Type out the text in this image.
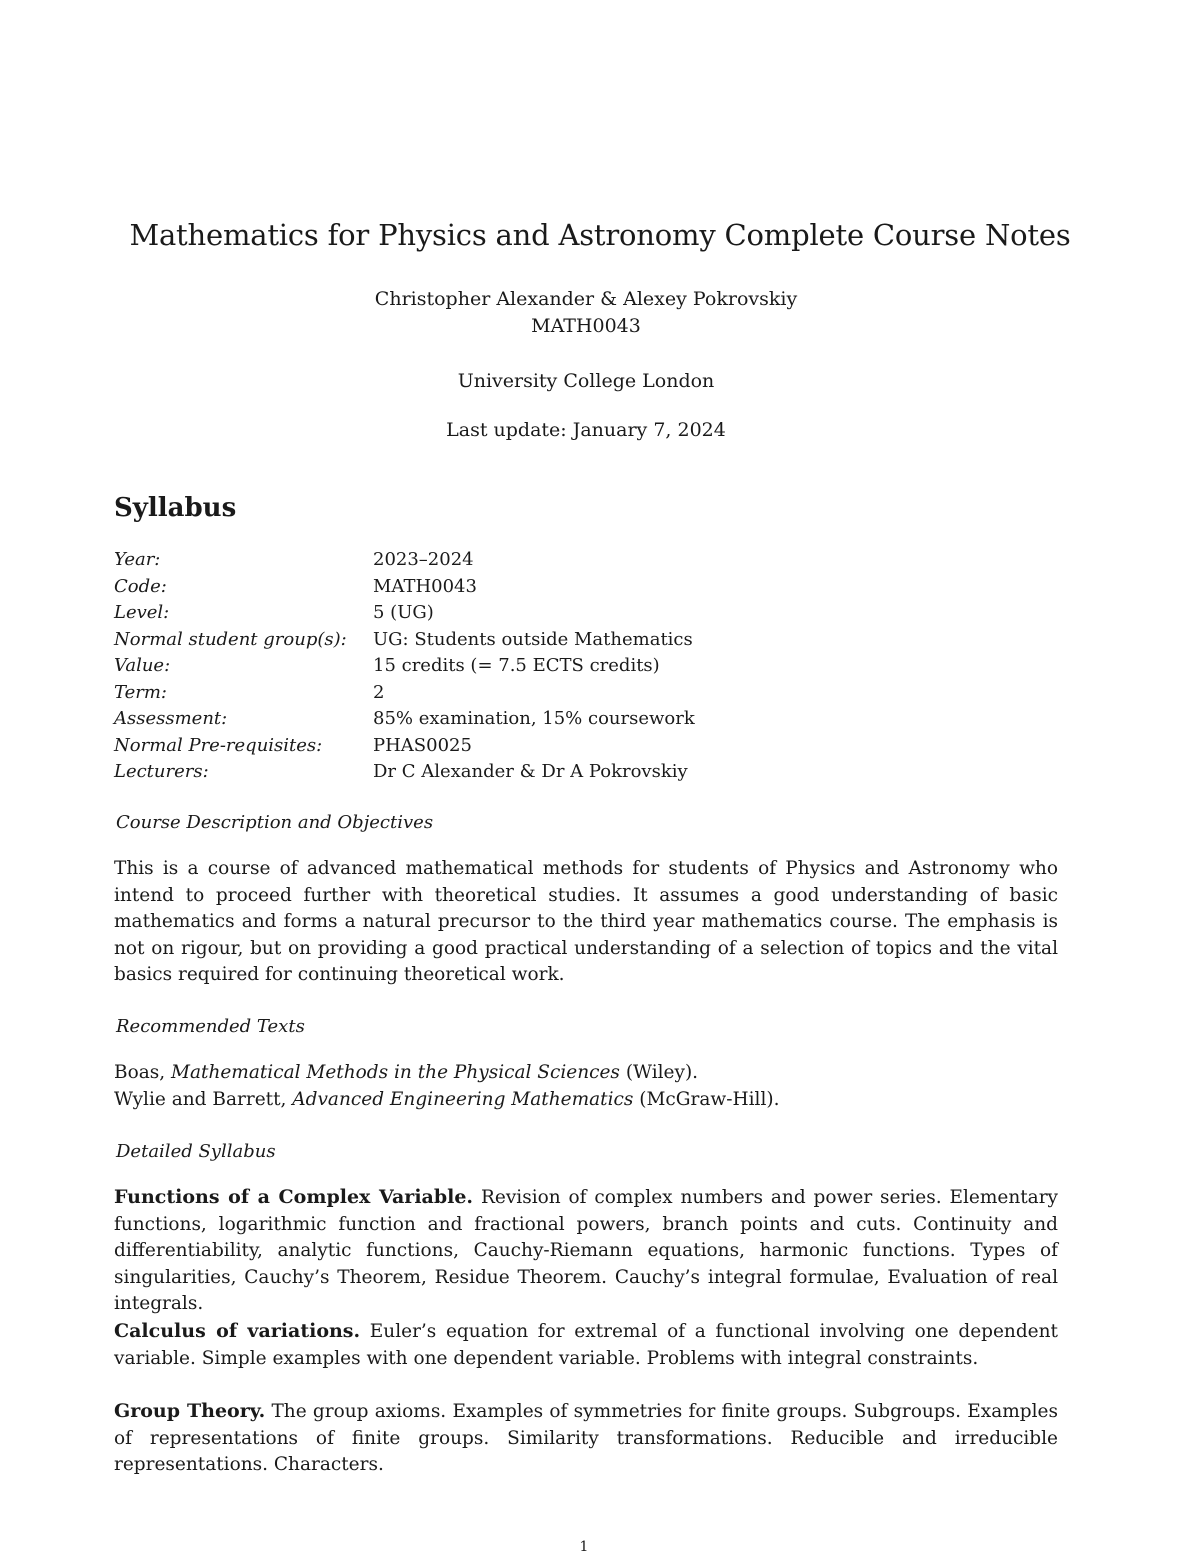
Mathematics for Physics and Astronomy Complete Course Notes
Christopher Alexander & Alexey Pokrovskiy
MATH0043
University College London
Last update: January 7, 2024
Syllabus
Year:	2023–2024
Code:	MATH0043
Level:	5 (UG)
Normal student group(s):	UG: Students outside Mathematics
Value:	15 credits (= 7.5 ECTS credits)
Term:	2
Assessment:	85% examination, 15% coursework
Normal Pre-requisites:	PHAS0025
Lecturers:	Dr C Alexander & Dr A Pokrovskiy
Course Description and Objectives

This is a course of advanced mathematical methods for students of Physics and Astronomy who intend to proceed further with theoretical studies. It assumes a good understanding of basic mathematics and forms a natural precursor to the third year mathematics course. The emphasis is not on rigour, but on providing a good practical understanding of a selection of topics and the vital basics required for continuing theoretical work.

Recommended Texts
Boas, Mathematical Methods in the Physical Sciences (Wiley).
Wylie and Barrett, Advanced Engineering Mathematics (McGraw-Hill).
Detailed Syllabus

Functions of a Complex Variable. Revision of complex numbers and power series. Elementary functions, logarithmic function and fractional powers, branch points and cuts. Continuity and differentiability, analytic functions, Cauchy-Riemann equations, harmonic functions. Types of singularities, Cauchy’s Theorem, Residue Theorem. Cauchy’s integral formulae, Evaluation of real integrals.

Calculus of variations. Euler’s equation for extremal of a functional involving one dependent variable. Simple examples with one dependent variable. Problems with integral constraints.

Group Theory. The group axioms. Examples of symmetries for finite groups. Subgroups. Examples of representations of finite groups. Similarity transformations. Reducible and irreducible representations. Characters.

1
